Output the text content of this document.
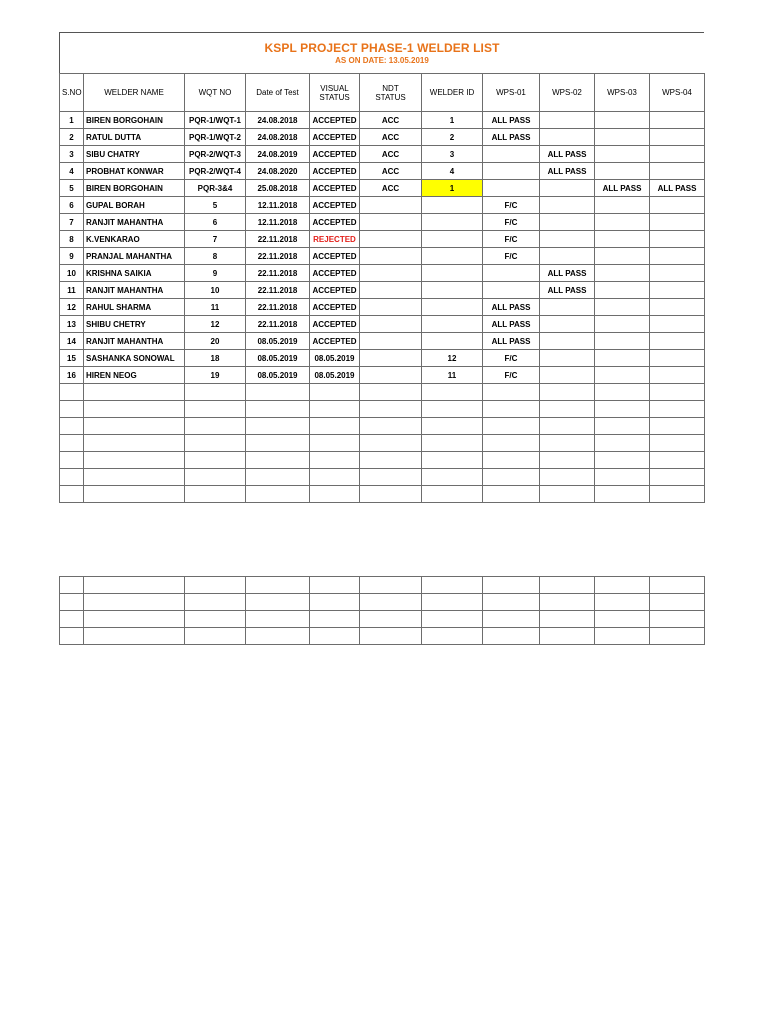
KSPL PROJECT PHASE-1 WELDER LIST
AS ON DATE: 13.05.2019
S.NO	WELDER NAME	WQT NO	Date of Test	VISUAL
STATUS	NDT
STATUS	WELDER ID	WPS-01	WPS-02	WPS-03	WPS-04
1	BIREN BORGOHAIN	PQR-1/WQT-1	24.08.2018	ACCEPTED	ACC	1	ALL PASS			
2	RATUL DUTTA	PQR-1/WQT-2	24.08.2018	ACCEPTED	ACC	2	ALL PASS			
3	SIBU CHATRY	PQR-2/WQT-3	24.08.2019	ACCEPTED	ACC	3		ALL PASS		
4	PROBHAT KONWAR	PQR-2/WQT-4	24.08.2020	ACCEPTED	ACC	4		ALL PASS		
5	BIREN BORGOHAIN	PQR-3&4	25.08.2018	ACCEPTED	ACC	1			ALL PASS	ALL PASS
6	GUPAL BORAH	5	12.11.2018	ACCEPTED			F/C			
7	RANJIT MAHANTHA	6	12.11.2018	ACCEPTED			F/C			
8	K.VENKARAO	7	22.11.2018	REJECTED			F/C			
9	PRANJAL MAHANTHA	8	22.11.2018	ACCEPTED			F/C			
10	KRISHNA SAIKIA	9	22.11.2018	ACCEPTED				ALL PASS		
11	RANJIT MAHANTHA	10	22.11.2018	ACCEPTED				ALL PASS		
12	RAHUL SHARMA	11	22.11.2018	ACCEPTED			ALL PASS			
13	SHIBU CHETRY	12	22.11.2018	ACCEPTED			ALL PASS			
14	RANJIT MAHANTHA	20	08.05.2019	ACCEPTED			ALL PASS			
15	SASHANKA SONOWAL	18	08.05.2019	08.05.2019		12	F/C			
16	HIREN NEOG	19	08.05.2019	08.05.2019		11	F/C			
